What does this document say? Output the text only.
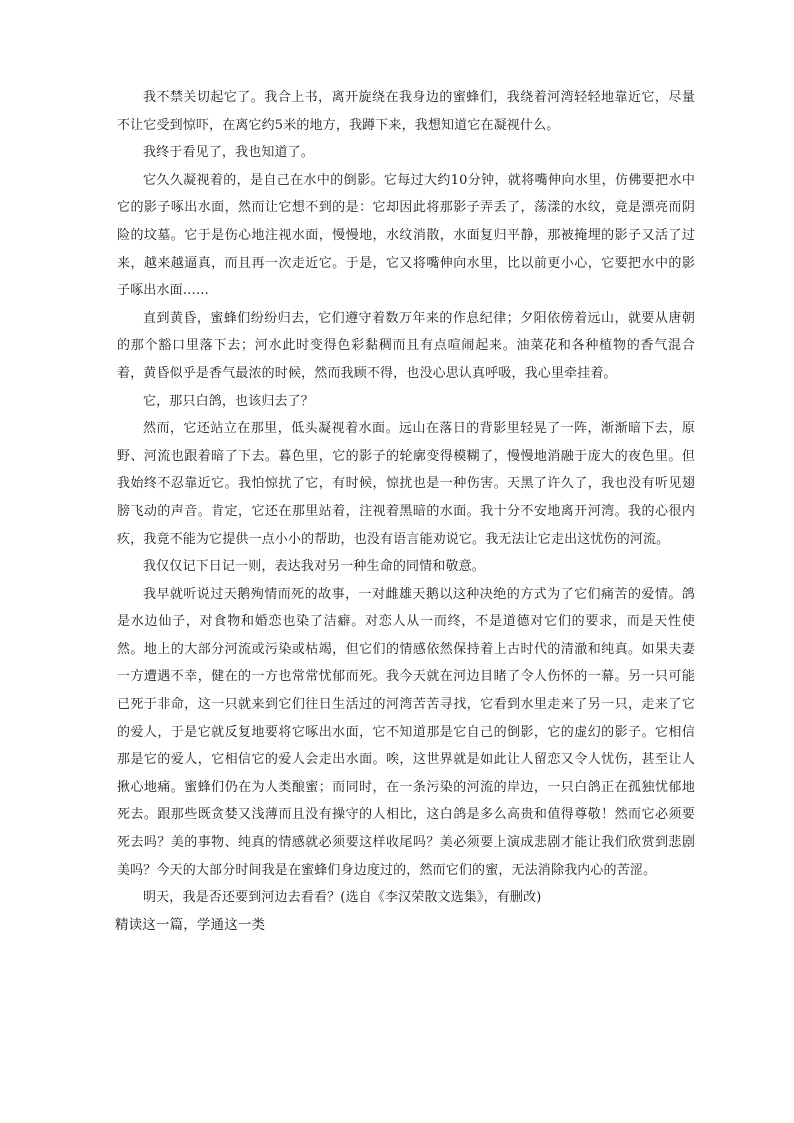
我不禁关切起它了。我合上书，离开旋绕在我身边的蜜蜂们，我绕着河湾轻轻地靠近它，尽量不让它受到惊吓，在离它约5米的地方，我蹲下来，我想知道它在凝视什么。

我终于看见了，我也知道了。

它久久凝视着的，是自己在水中的倒影。它每过大约10分钟，就将嘴伸向水里，仿佛要把水中它的影子啄出水面，然而让它想不到的是：它却因此将那影子弄丢了，荡漾的水纹，竟是漂亮而阴险的坟墓。它于是伤心地注视水面，慢慢地，水纹消散，水面复归平静，那被掩埋的影子又活了过来，越来越逼真，而且再一次走近它。于是，它又将嘴伸向水里，比以前更小心，它要把水中的影子啄出水面……

直到黄昏，蜜蜂们纷纷归去，它们遵守着数万年来的作息纪律；夕阳依傍着远山，就要从唐朝的那个豁口里落下去；河水此时变得色彩黏稠而且有点喧闹起来。油菜花和各种植物的香气混合着，黄昏似乎是香气最浓的时候，然而我顾不得，也没心思认真呼吸，我心里牵挂着。

它，那只白鸽，也该归去了？

然而，它还站立在那里，低头凝视着水面。远山在落日的背影里轻晃了一阵，渐渐暗下去，原野、河流也跟着暗了下去。暮色里，它的影子的轮廓变得模糊了，慢慢地消融于庞大的夜色里。但我始终不忍靠近它。我怕惊扰了它，有时候，惊扰也是一种伤害。天黑了许久了，我也没有听见翅膀飞动的声音。肯定，它还在那里站着，注视着黑暗的水面。我十分不安地离开河湾。我的心很内疚，我竟不能为它提供一点小小的帮助，也没有语言能劝说它。我无法让它走出这忧伤的河流。

我仅仅记下日记一则，表达我对另一种生命的同情和敬意。

我早就听说过天鹅殉情而死的故事，一对雌雄天鹅以这种决绝的方式为了它们痛苦的爱情。鸽是水边仙子，对食物和婚恋也染了洁癖。对恋人从一而终，不是道德对它们的要求，而是天性使然。地上的大部分河流或污染或枯竭，但它们的情感依然保持着上古时代的清澈和纯真。如果夫妻一方遭遇不幸，健在的一方也常常忧郁而死。我今天就在河边目睹了令人伤怀的一幕。另一只可能已死于非命，这一只就来到它们往日生活过的河湾苦苦寻找，它看到水里走来了另一只，走来了它的爱人，于是它就反复地要将它啄出水面，它不知道那是它自己的倒影，它的虚幻的影子。它相信那是它的爱人，它相信它的爱人会走出水面。唉，这世界就是如此让人留恋又令人忧伤，甚至让人揪心地痛。蜜蜂们仍在为人类酿蜜；而同时，在一条污染的河流的岸边，一只白鸽正在孤独忧郁地死去。跟那些既贪婪又浅薄而且没有操守的人相比，这白鸽是多么高贵和值得尊敬！然而它必须要死去吗？美的事物、纯真的情感就必须要这样收尾吗？美必须要上演成悲剧才能让我们欣赏到悲剧美吗？今天的大部分时间我是在蜜蜂们身边度过的，然而它们的蜜，无法消除我内心的苦涩。

明天，我是否还要到河边去看看？(选自《李汉荣散文选集》，有删改)

精读这一篇，学通这一类
